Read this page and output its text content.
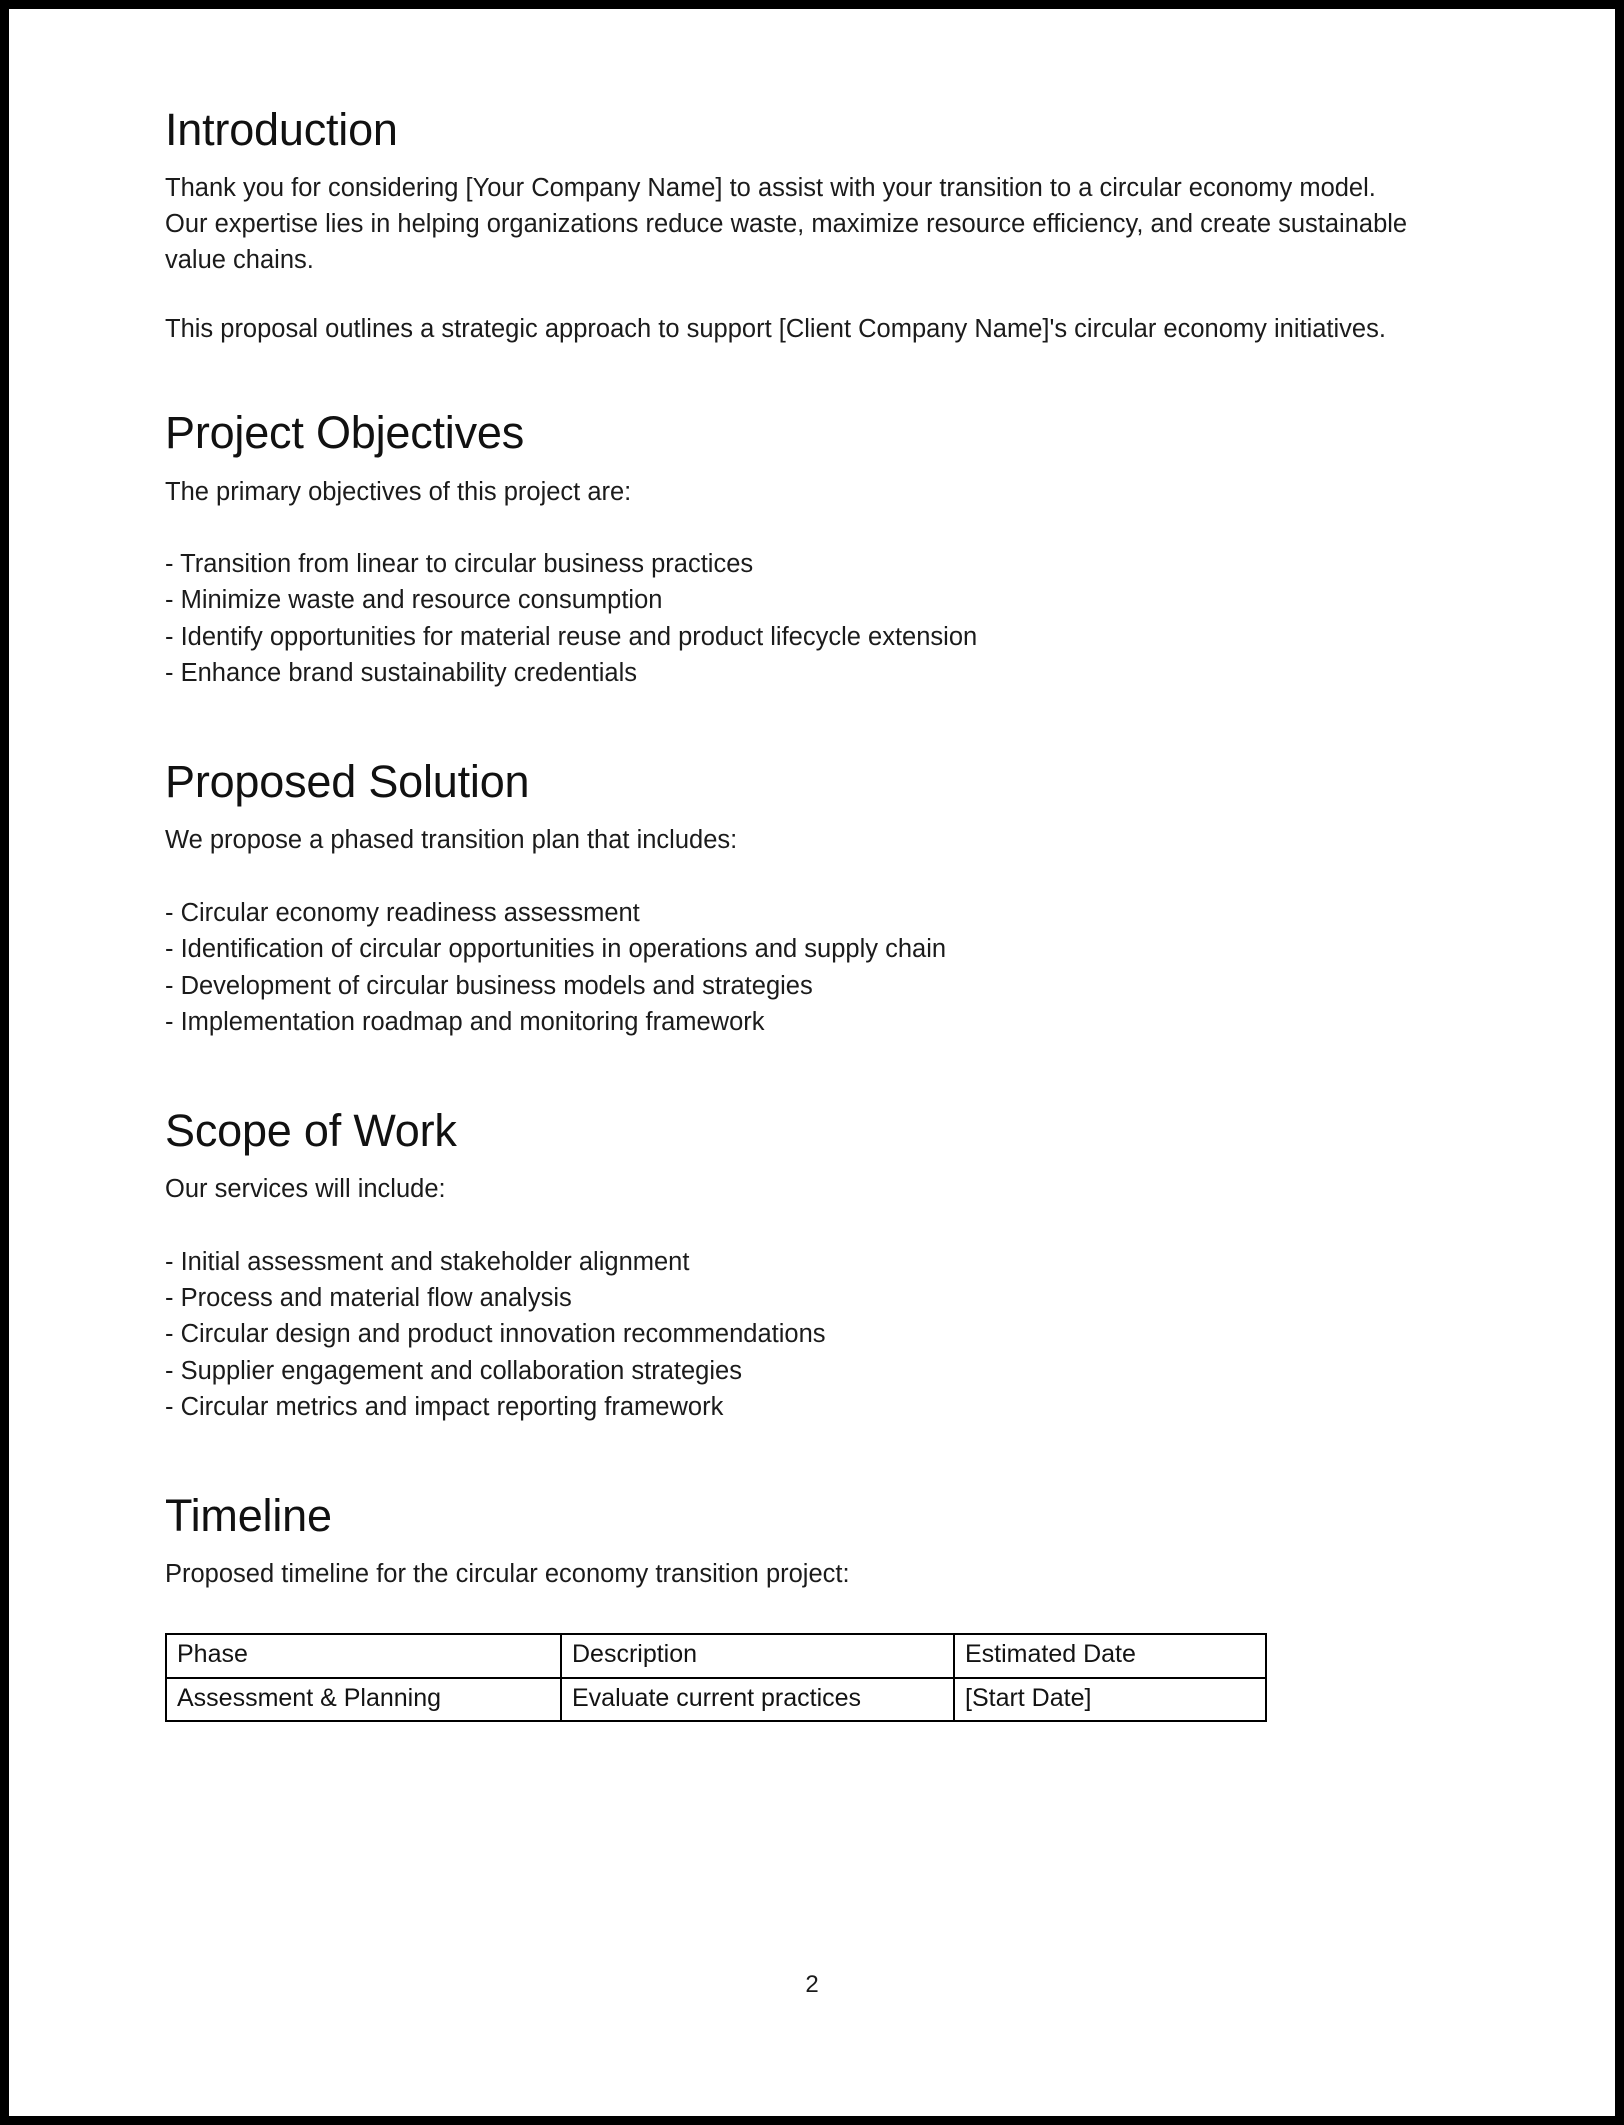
Introduction

Thank you for considering [Your Company Name] to assist with your transition to a circular economy model. Our expertise lies in helping organizations reduce waste, maximize resource efficiency, and create sustainable value chains.

This proposal outlines a strategic approach to support [Client Company Name]'s circular economy initiatives.

Project Objectives

The primary objectives of this project are:

- Transition from linear to circular business practices
- Minimize waste and resource consumption
- Identify opportunities for material reuse and product lifecycle extension
- Enhance brand sustainability credentials
Proposed Solution

We propose a phased transition plan that includes:

- Circular economy readiness assessment
- Identification of circular opportunities in operations and supply chain
- Development of circular business models and strategies
- Implementation roadmap and monitoring framework
Scope of Work

Our services will include:

- Initial assessment and stakeholder alignment
- Process and material flow analysis
- Circular design and product innovation recommendations
- Supplier engagement and collaboration strategies
- Circular metrics and impact reporting framework
Timeline

Proposed timeline for the circular economy transition project:

Phase	Description	Estimated Date
Assessment & Planning	Evaluate current practices	[Start Date]
2
